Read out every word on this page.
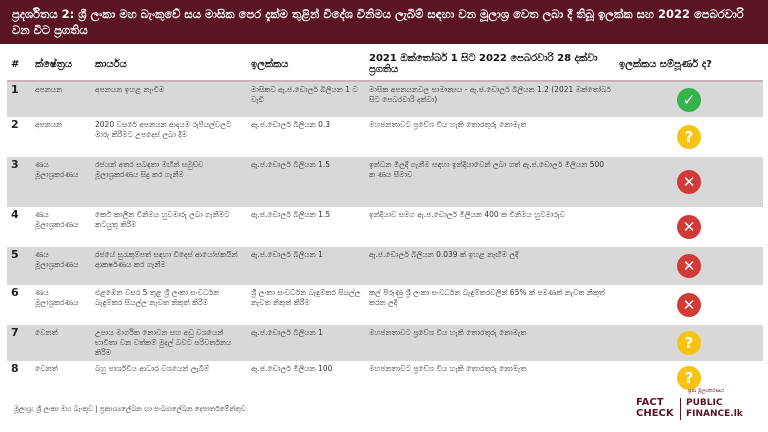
ප්‍රදර්ශිතය 2: ශ්‍රී ලංකා මහ බැංකුවේ සය මාසික පෙර දැක්ම තුළින් විදේශ විනිමය ලැබීම් සඳහා වන මූලාශ්‍ර වෙත ලබා දී තිබූ ඉලක්ක සහ 2022 පෙබරවාරි වන විට ප්‍රගතිය
#	ක්ෂේත්‍රය	කාර්යය	ඉලක්කය	2021 ඔක්තෝබර් 1 සිට 2022 පෙබරවාරි 28 දක්වා ප්‍රගතිය	ඉලක්කය සම්පූර්ණ ද?
1	අපනයන	අපනයන ඉහළ නැංවීම	මාසිකව ඇ.ජ.ඩොලර් බිලියන 1 ට වැඩි	මාසික අපනයනවල සාමාන්‍යය - ඇ.ජ.ඩොලර් බිලියන 1.2 (2021 ඔක්තෝබර් සිට පෙබරවාරි දක්වා)	✓
2	අපනයන	2020 වසරේ අපනයන ආදායම රුපියල්වලට මාරු කිරීමට උපදෙස් ලබා දීම	ඇ.ජ.ඩොලර් බිලියන 0.3	මහජනතාවට ප්‍රවේශ විය හැකි තොරතුරු නොමැත	?
3	ණය මූලාශ්‍රකරණය	රජයන් අතර සබඳතා මඟින් සමුච්ච මූලාශ්‍රකරණය සිදු කර ගැනීම	ඇ.ජ.ඩොලර් බිලියන 1.5	ඉන්ධන මිලදී ගැනීම සඳහා ඉන්දියාවෙන් ලබා ගත් ඇ.ජ.ඩොලර් මිලියන 500 ක ණය සීමාව	✕
4	ණය මූලාශ්‍රකරණය	කෙටි කාලීන විනිමය හුවමාරු ලබා ගැනීමට කටයුතු කිරීම	ඇ.ජ.ඩොලර් බිලියන 1.5	ඉන්දියාව සමග ඇ.ජ.ඩොලර් මිලියන 400 ක විනිමය හුවමාරුව	✕
5	ණය මූලාශ්‍රකරණය	රජයේ සුරැකුම්පත් සඳහා විදෙස් ආයෝජකයින් ආකර්ෂණය කර ගැනීම	ඇ.ජ.ඩොලර් බිලියන 1	ඇ.ජ.ඩොලර් බිලියන 0.039 ක් ඉහළ නැඟීම ලදි	✕
6	ණය මූලාශ්‍රකරණය	එළඹෙන වසර 5 තුළ ශ්‍රී ලංකා සංවර්ධන බැඳුම්කර සියල්ල නැවත නිකුත් කිරීම	ශ්‍රී ලංකා සංවර්ධන බැඳුම්කර සියල්ල නැවත නිකුත් කිරීම	කල් පිරුණු ශ්‍රී ලංකා සංවර්ධන බැඳුම්කරවලින් 65% ක් පමණක් නැවත නිකුත් කරන ලදි	✕
7	වෙනත්	උපාය මාර්ගික නොවන සහ අඩු වශයෙන් භාවිතා වන වත්කම් මුදල් බවට පරිවර්තනය කිරීම	ඇ.ජ.ඩොලර් බිලියන 1	මහජනතාවට ප්‍රවේශ විය හැකි තොරතුරු නොමැත	?
8	වෙනත්	බහු පාර්ශ්වීය ආධාර වශයෙන් ලැබීම්	ඇ.ජ.ඩොලර් මිලියන 100	මහජනතාවට ප්‍රවේශ විය හැකි තොරතුරු නොමැත	?
මූලාශ්‍ර: ශ්‍රී ලංකා මහ බැංකුව | ප්‍රකාශ්‍යලේඛන හා සංඛ්‍යාලේඛන දෙපාර්තමේන්තුව
ප්‍රජා මූල්‍යකරණය
FACT
CHECK
PUBLIC
FINANCE.lk
